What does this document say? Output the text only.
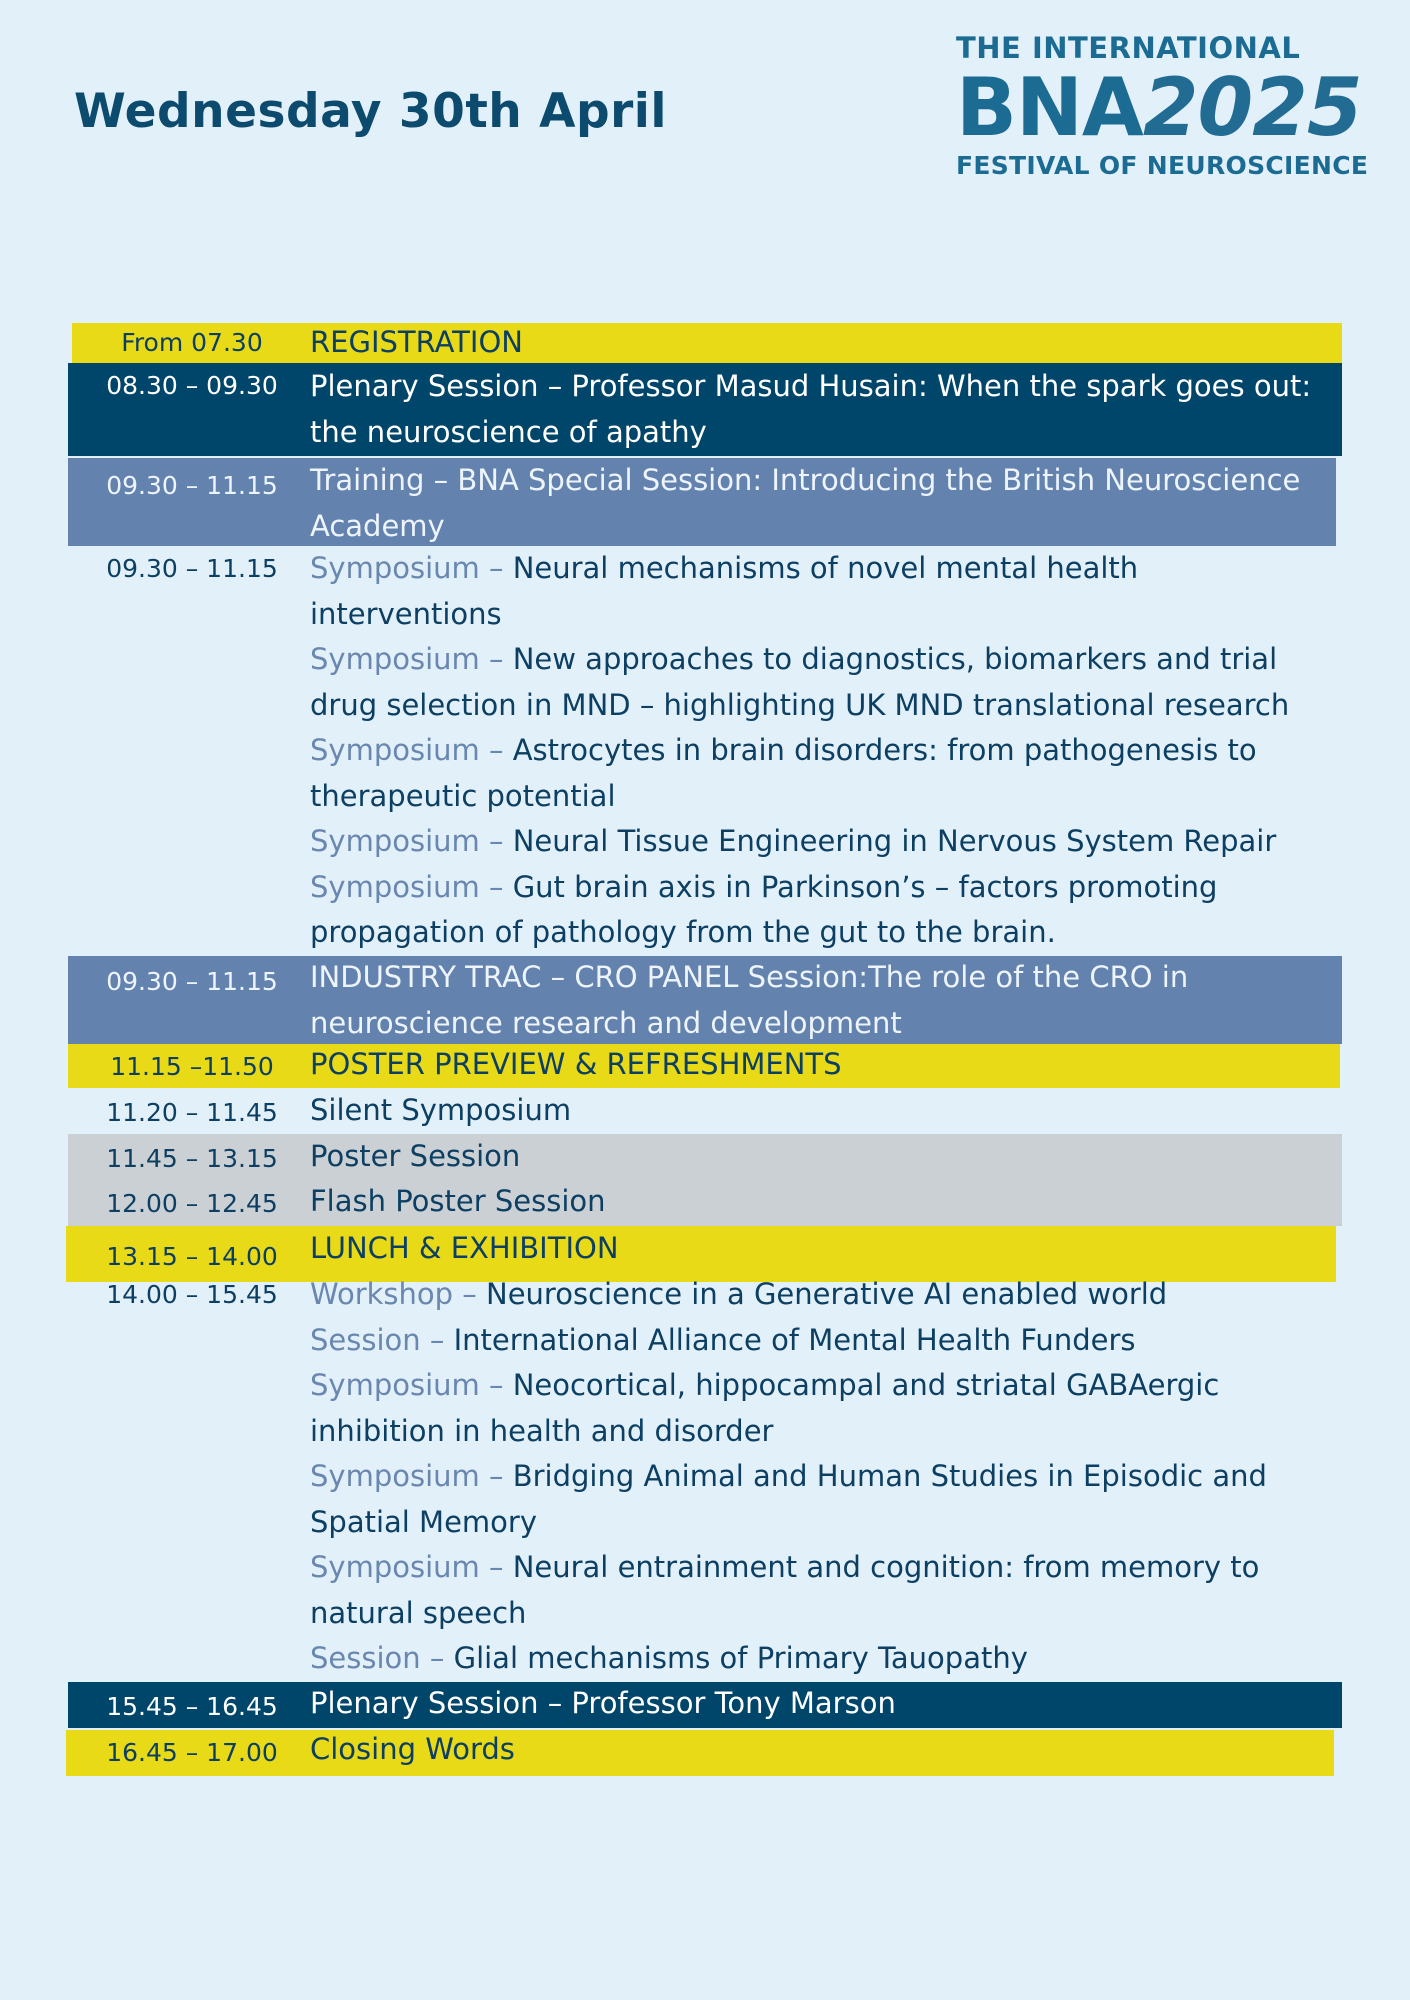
Wednesday 30th April
THE INTERNATIONAL
BNA2025
FESTIVAL OF NEUROSCIENCE
From 07.30	REGISTRATION
08.30 – 09.30	Plenary Session – Professor Masud Husain: When the spark goes out: the neuroscience of apathy
09.30 – 11.15	Training – BNA Special Session: Introducing the British Neuroscience Academy
09.30 – 11.15	Symposium – Neural mechanisms of novel mental health interventions
Symposium – New approaches to diagnostics, biomarkers and trial drug selection in MND – highlighting UK MND translational research
Symposium – Astrocytes in brain disorders: from pathogenesis to therapeutic potential
Symposium – Neural Tissue Engineering in Nervous System Repair
Symposium – Gut brain axis in Parkinson’s – factors promoting propagation of pathology from the gut to the brain.
09.30 – 11.15	INDUSTRY TRAC – CRO PANEL Session:The role of the CRO in neuroscience research and development
11.15 –11.50	POSTER PREVIEW & REFRESHMENTS
11.20 – 11.45	Silent Symposium
11.45 – 13.15	Poster Session
12.00 – 12.45	Flash Poster Session
13.15 – 14.00	LUNCH & EXHIBITION
14.00 – 15.45	Workshop – Neuroscience in a Generative AI enabled world
Session – International Alliance of Mental Health Funders
Symposium – Neocortical, hippocampal and striatal GABAergic inhibition in health and disorder
Symposium – Bridging Animal and Human Studies in Episodic and Spatial Memory
Symposium – Neural entrainment and cognition: from memory to natural speech
Session – Glial mechanisms of Primary Tauopathy
15.45 – 16.45	Plenary Session – Professor Tony Marson
16.45 – 17.00	Closing Words
